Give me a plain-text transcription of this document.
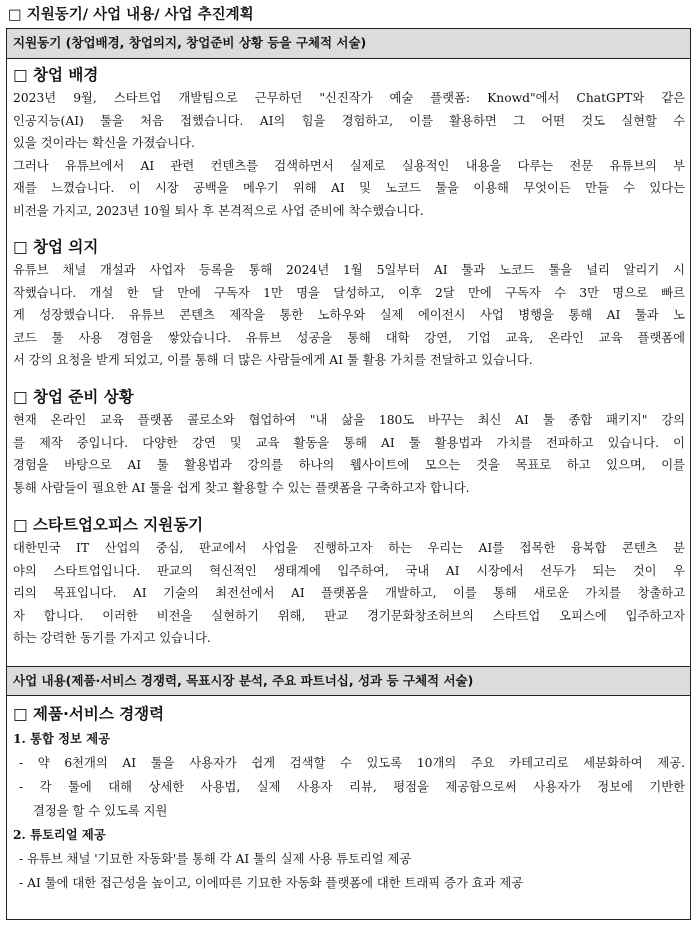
□ 지원동기/ 사업 내용/ 사업 추진계획
지원동기 (창업배경, 창업의지, 창업준비 상황 등을 구체적 서술)
□ 창업 배경
2023년 9월, 스타트업 개발팀으로 근무하던 "신진작가 예술 플랫폼: Knowd"에서 ChatGPT와 같은
인공지능(AI) 툴을 처음 접했습니다. AI의 힘을 경험하고, 이를 활용하면 그 어떤 것도 실현할 수
있을 것이라는 확신을 가졌습니다.
그러나 유튜브에서 AI 관련 컨텐츠를 검색하면서 실제로 실용적인 내용을 다루는 전문 유튜브의 부
재를 느꼈습니다. 이 시장 공백을 메우기 위해 AI 및 노코드 툴을 이용해 무엇이든 만들 수 있다는
비전을 가지고, 2023년 10월 퇴사 후 본격적으로 사업 준비에 착수했습니다.
□ 창업 의지
유튜브 채널 개설과 사업자 등록을 통해 2024년 1월 5일부터 AI 툴과 노코드 툴을 널리 알리기 시
작했습니다. 개설 한 달 만에 구독자 1만 명을 달성하고, 이후 2달 만에 구독자 수 3만 명으로 빠르
게 성장했습니다. 유튜브 콘텐츠 제작을 통한 노하우와 실제 에이전시 사업 병행을 통해 AI 툴과 노
코드 툴 사용 경험을 쌓았습니다. 유튜브 성공을 통해 대학 강연, 기업 교육, 온라인 교육 플랫폼에
서 강의 요청을 받게 되었고, 이를 통해 더 많은 사람들에게 AI 툴 활용 가치를 전달하고 있습니다.
□ 창업 준비 상황
현재 온라인 교육 플랫폼 콜로소와 협업하여 "내 삶을 180도 바꾸는 최신 AI 툴 종합 패키지" 강의
를 제작 중입니다. 다양한 강연 및 교육 활동을 통해 AI 툴 활용법과 가치를 전파하고 있습니다. 이
경험을 바탕으로 AI 툴 활용법과 강의를 하나의 웹사이트에 모으는 것을 목표로 하고 있으며, 이를
통해 사람들이 필요한 AI 툴을 쉽게 찾고 활용할 수 있는 플랫폼을 구축하고자 합니다.
□ 스타트업오피스 지원동기
대한민국 IT 산업의 중심, 판교에서 사업을 진행하고자 하는 우리는 AI를 접목한 융복합 콘텐츠 분
야의 스타트업입니다. 판교의 혁신적인 생태계에 입주하여, 국내 AI 시장에서 선두가 되는 것이 우
리의 목표입니다. AI 기술의 최전선에서 AI 플랫폼을 개발하고, 이를 통해 새로운 가치를 창출하고
자 합니다. 이러한 비전을 실현하기 위해, 판교 경기문화창조허브의 스타트업 오피스에 입주하고자
하는 강력한 동기를 가지고 있습니다.
사업 내용(제품·서비스 경쟁력, 목표시장 분석, 주요 파트너십, 성과 등 구체적 서술)
□ 제품·서비스 경쟁력
1. 통합 정보 제공
- 약 6천개의 AI 툴을 사용자가 쉽게 검색할 수 있도록 10개의 주요 카테고리로 세분화하여 제공.
- 각 툴에 대해 상세한 사용법, 실제 사용자 리뷰, 평점을 제공함으로써 사용자가 정보에 기반한
결정을 할 수 있도록 지원
2. 튜토리얼 제공
- 유튜브 채널 '기묘한 자동화'를 통해 각 AI 툴의 실제 사용 튜토리얼 제공
- AI 툴에 대한 접근성을 높이고, 이에따른 기묘한 자동화 플랫폼에 대한 트래픽 증가 효과 제공
